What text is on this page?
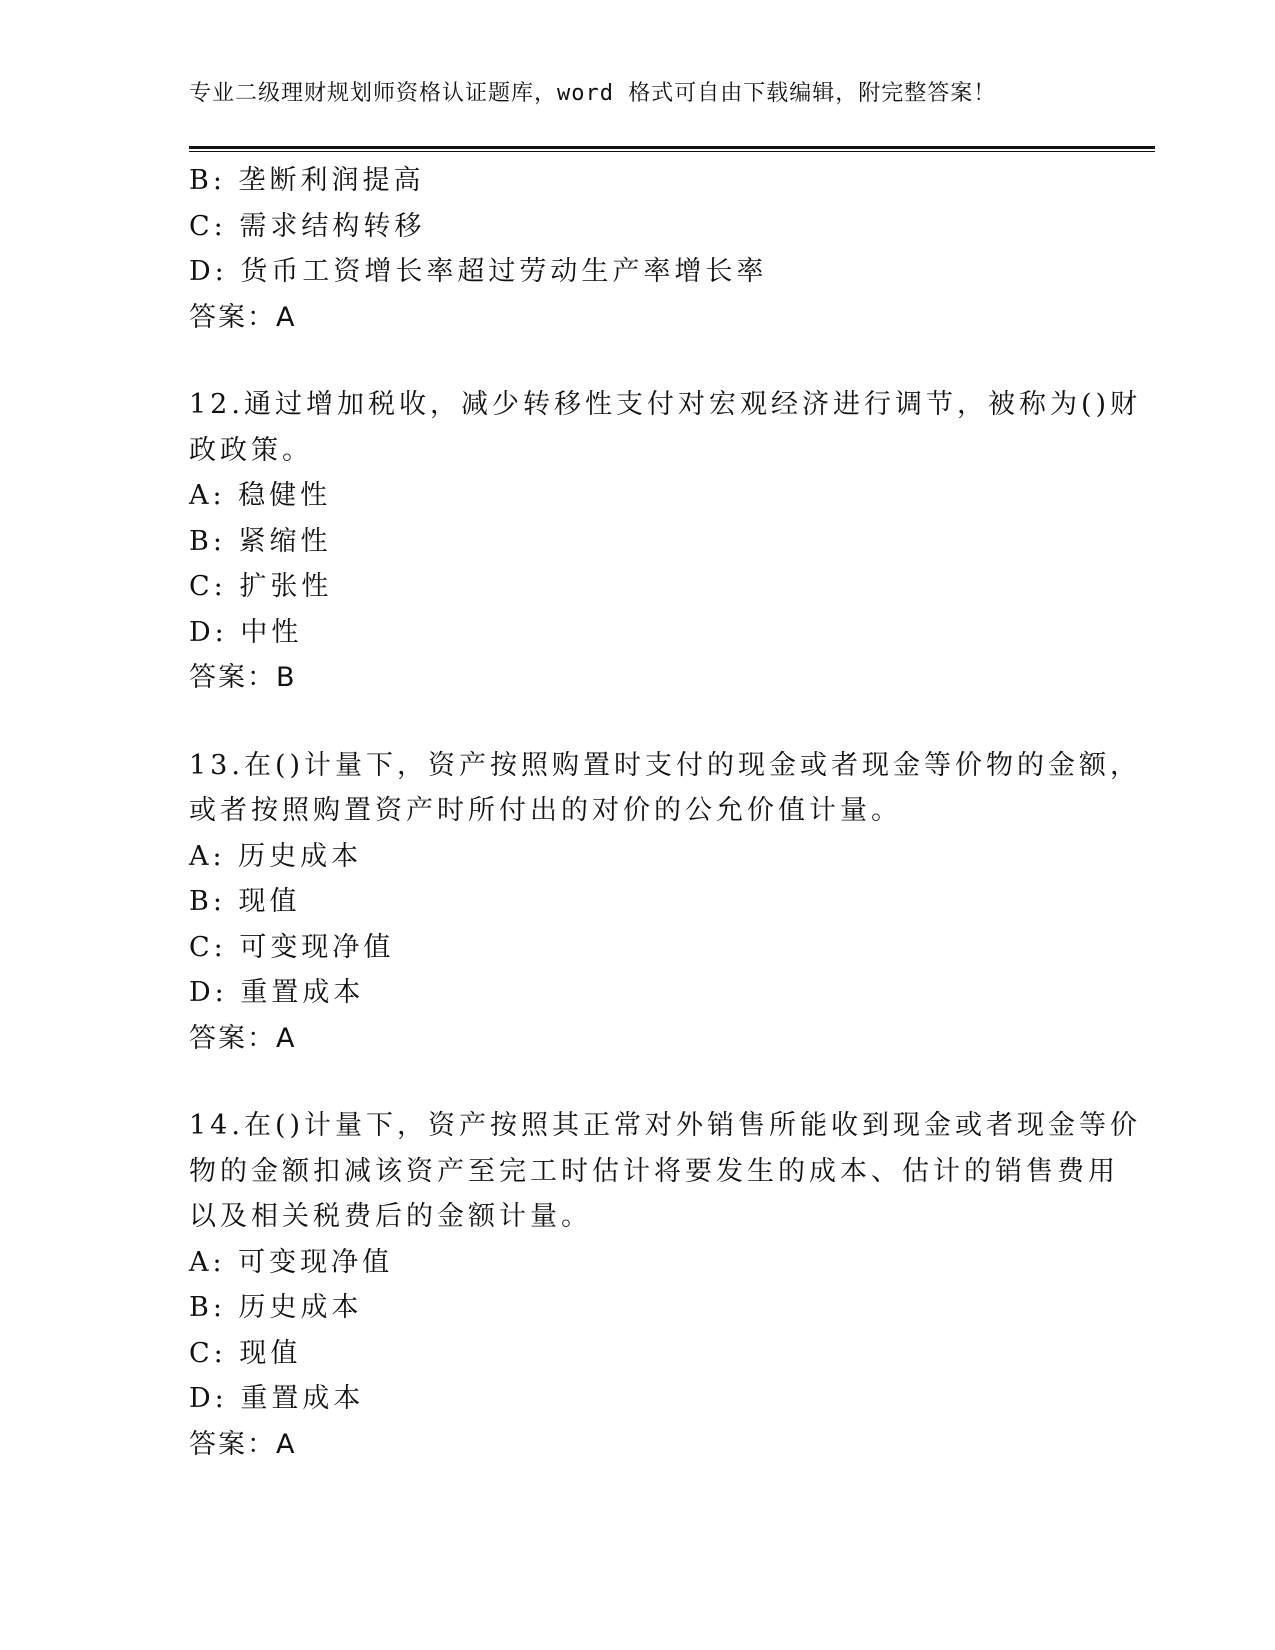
专业二级理财规划师资格认证题库，word 格式可自由下载编辑，附完整答案！
B: 垄断利润提高
C: 需求结构转移
D: 货币工资增长率超过劳动生产率增长率
答案：A
12.通过增加税收，减少转移性支付对宏观经济进行调节，被称为()财
政政策。
A: 稳健性
B: 紧缩性
C: 扩张性
D: 中性
答案：B
13.在()计量下，资产按照购置时支付的现金或者现金等价物的金额，
或者按照购置资产时所付出的对价的公允价值计量。
A: 历史成本
B: 现值
C: 可变现净值
D: 重置成本
答案：A
14.在()计量下，资产按照其正常对外销售所能收到现金或者现金等价
物的金额扣减该资产至完工时估计将要发生的成本、估计的销售费用
以及相关税费后的金额计量。
A: 可变现净值
B: 历史成本
C: 现值
D: 重置成本
答案：A
